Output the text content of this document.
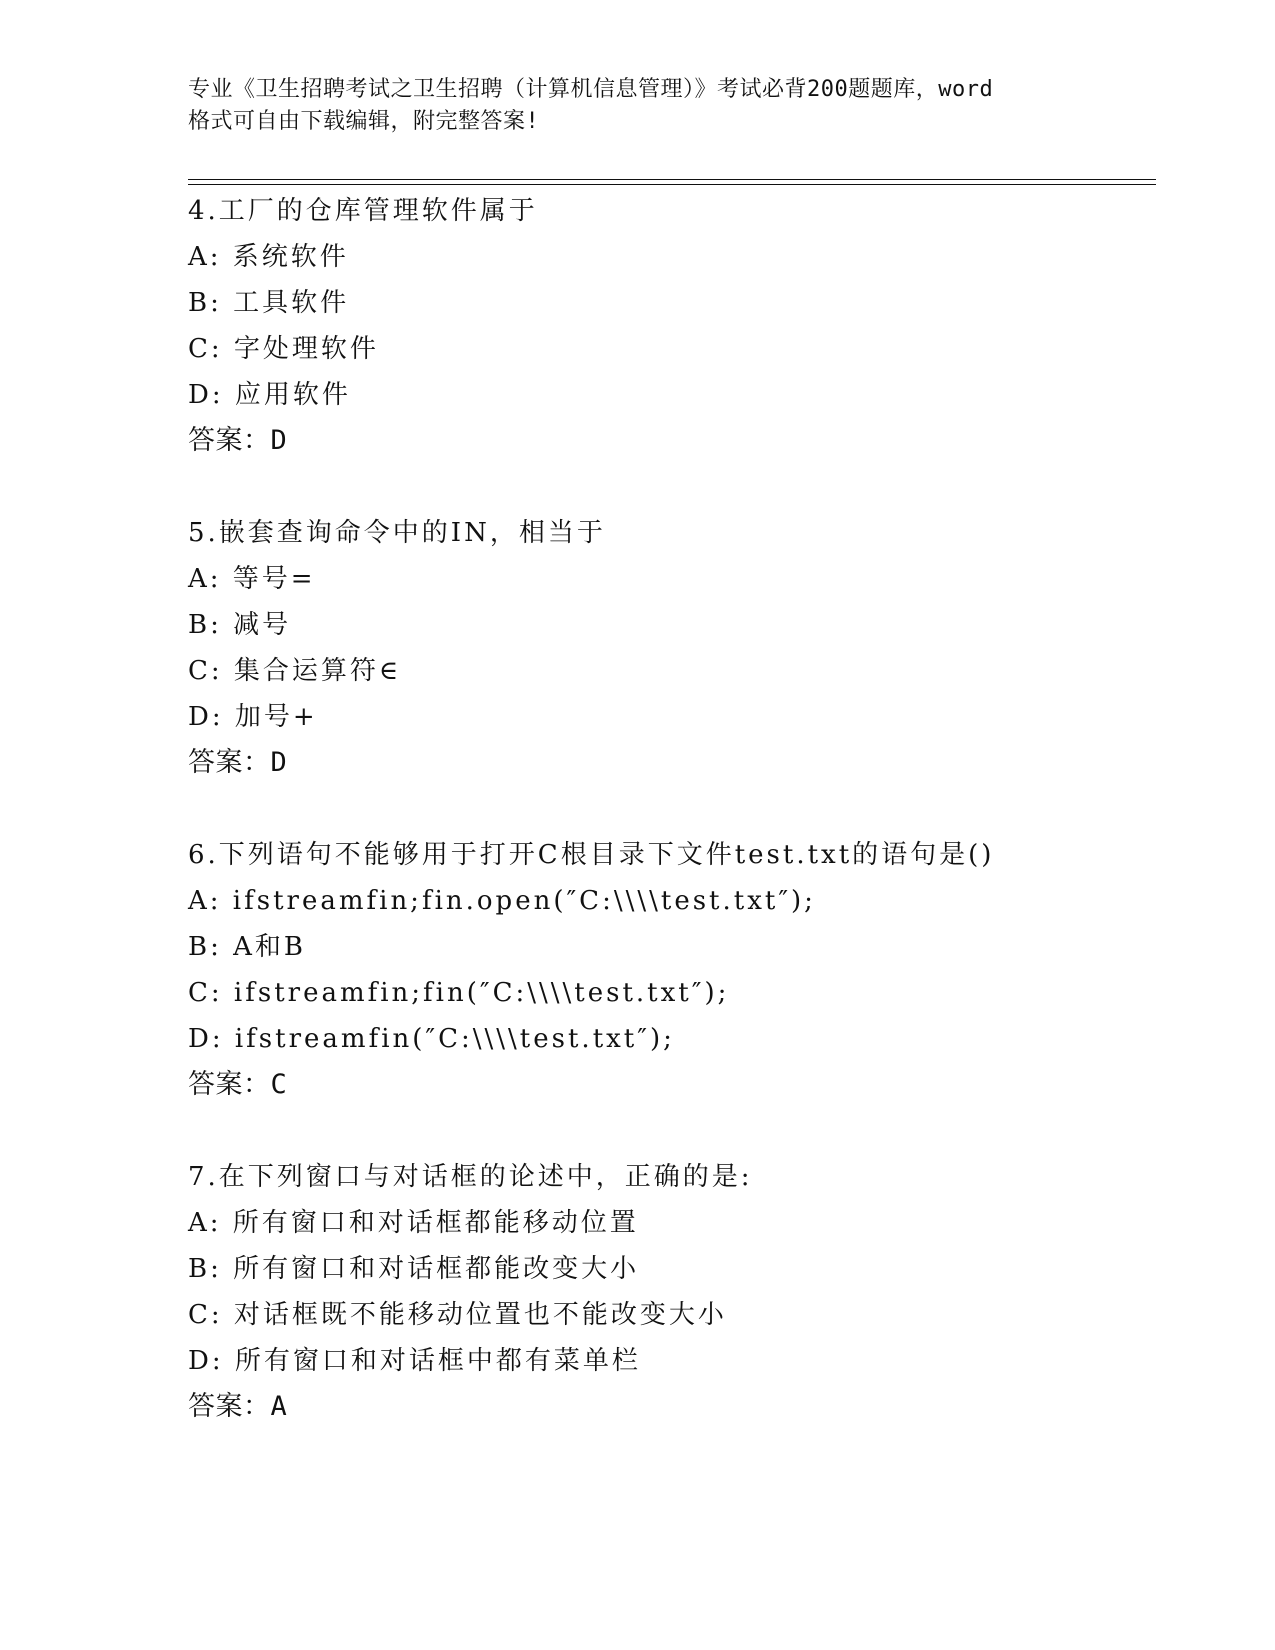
专业《卫生招聘考试之卫生招聘（计算机信息管理）》考试必背200题题库，word
格式可自由下载编辑，附完整答案!
4.工厂的仓库管理软件属于
A: 系统软件
B: 工具软件
C: 字处理软件
D: 应用软件
答案：D
5.嵌套查询命令中的IN，相当于
A: 等号=
B: 减号
C: 集合运算符∈
D: 加号+
答案：D
6.下列语句不能够用于打开C根目录下文件test.txt的语句是()
A: ifstreamfin;fin.open(″C:\\\\test.txt″);
B: A和B
C: ifstreamfin;fin(″C:\\\\test.txt″);
D: ifstreamfin(″C:\\\\test.txt″);
答案：C
7.在下列窗口与对话框的论述中，正确的是:
A: 所有窗口和对话框都能移动位置
B: 所有窗口和对话框都能改变大小
C: 对话框既不能移动位置也不能改变大小
D: 所有窗口和对话框中都有菜单栏
答案：A
